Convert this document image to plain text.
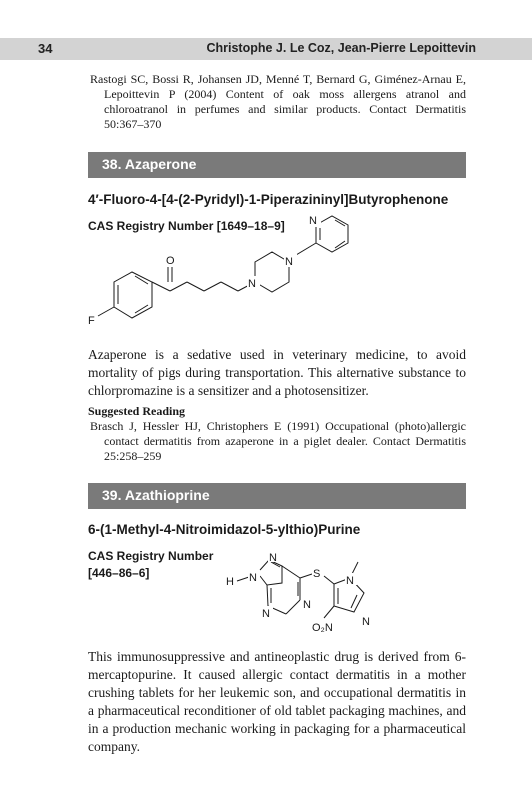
34	Christophe J. Le Coz, Jean-Pierre Lepoittevin
Rastogi SC, Bossi R, Johansen JD, Menné T, Bernard G, Giménez-Arnau E, Lepoittevin P (2004) Content of oak moss allergens atranol and chloroatranol in perfumes and similar products. Contact Dermatitis 50:367–370
38. Azaperone
4′-Fluoro-4-[4-(2-Pyridyl)-1-Piperazininyl]Butyrophenone
CAS Registry Number [1649–18–9] N
N
N
O
F
Azaperone is a sedative used in veterinary medicine, to avoid mortality of pigs during transportation. This alternative substance to chlorpromazine is a sensitizer and a photosensitizer.
Suggested Reading
Brasch J, Hessler HJ, Christophers E (1991) Occupational (photo)allergic contact dermatitis from azaperone in a piglet dealer. Contact Dermatitis 25:258–259
39. Azathioprine
6-(1-Methyl-4-Nitroimidazol-5-ylthio)Purine
CAS Registry Number
[446–86–6]
H N
N
N
N
S
N
N
O₂N
This immunosuppressive and antineoplastic drug is derived from 6-mercaptopurine. It caused allergic contact dermatitis in a mother crushing tablets for her leukemic son, and occupational dermatitis in a pharmaceutical reconditioner of old tablet packaging machines, and in a production mechanic working in packaging for a pharmaceutical company.
